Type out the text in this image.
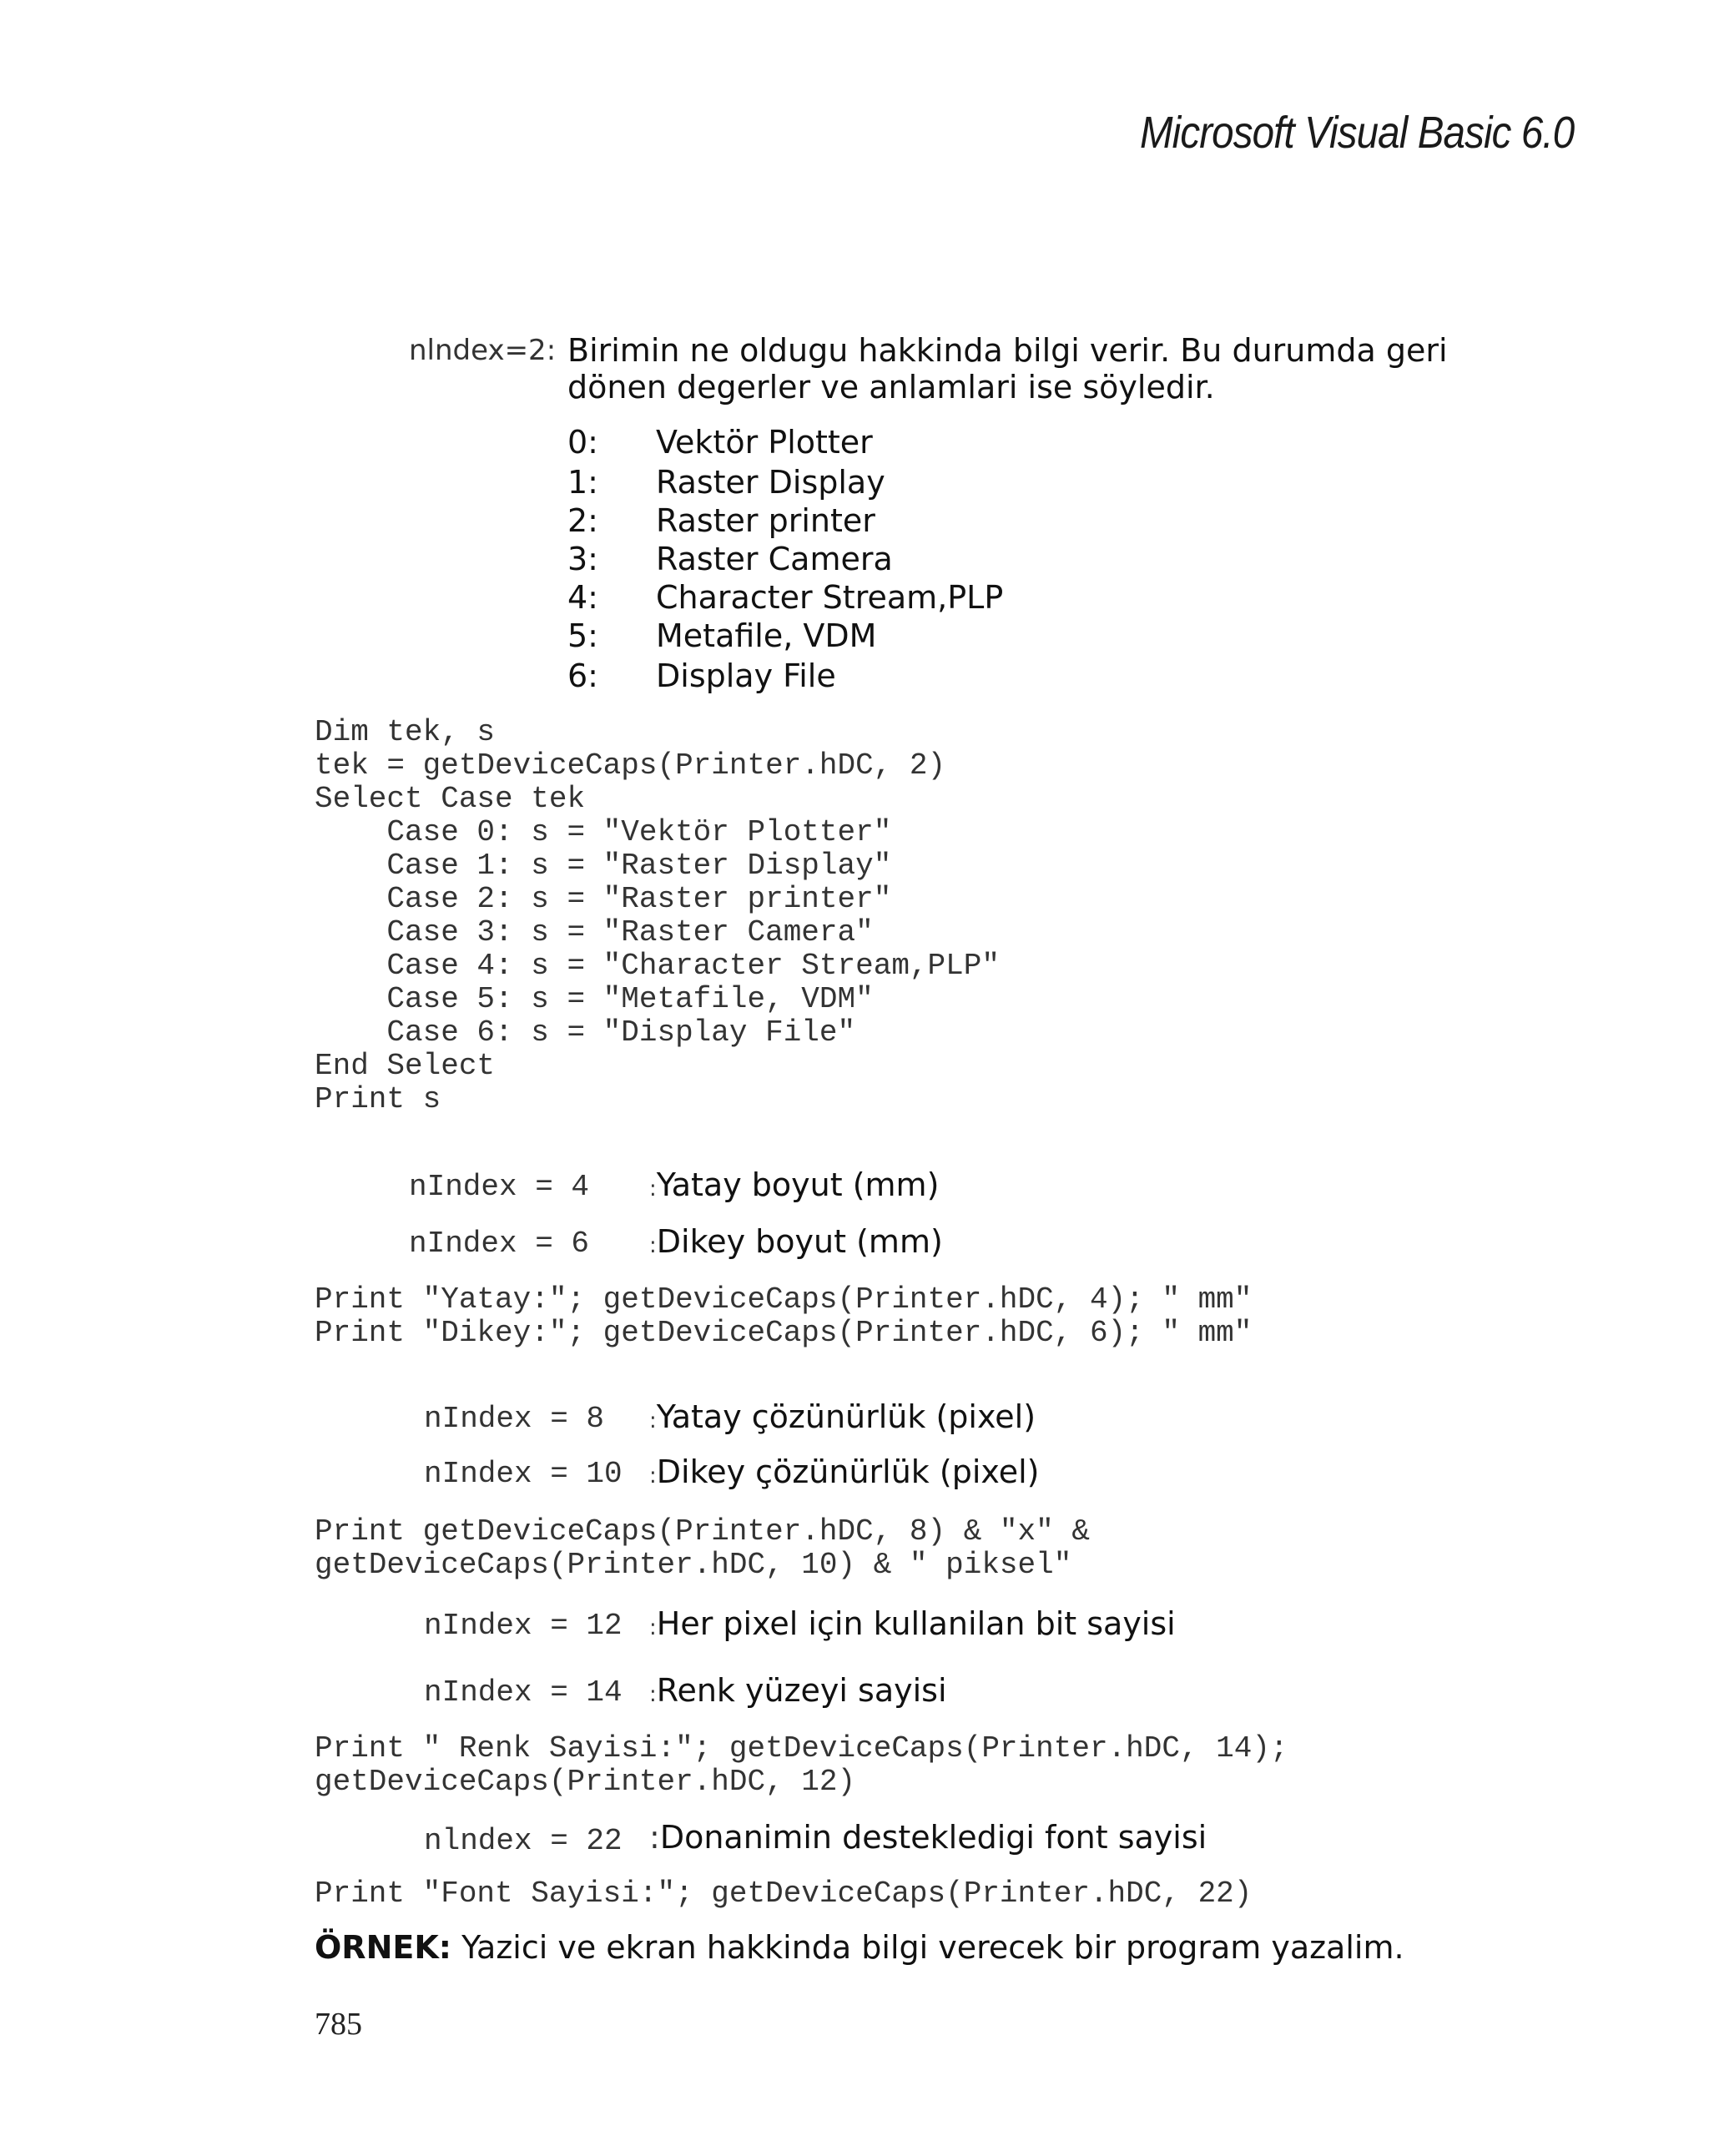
Microsoft Visual Basic 6.0
nlndex=2: Birimin ne oldugu hakkinda bilgi verir. Bu durumda geri dönen degerler ve anlamlari ise söyledir.
0:	Vektör Plotter
1:	Raster Display
2:	Raster printer
3:	Raster Camera
4:	Character Stream,PLP
5:	Metafile, VDM
6:	Display File
Dim tek, s
tek = getDeviceCaps(Printer.hDC, 2)
Select Case tek
Case 0: s = "Vektör Plotter"
Case 1: s = "Raster Display"
Case 2: s = "Raster printer"
Case 3: s = "Raster Camera"
Case 4: s = "Character Stream,PLP"
Case 5: s = "Metafile, VDM"
Case 6: s = "Display File"
End Select
Print s
nIndex = 4	:Yatay boyut (mm)
nIndex = 6	:Dikey boyut (mm)
Print "Yatay:"; getDeviceCaps(Printer.hDC, 4); " mm"
Print "Dikey:"; getDeviceCaps(Printer.hDC, 6); " mm"
nIndex = 8 :Yatay çözünürlük (pixel)
nIndex = 10 :Dikey çözünürlük (pixel)
Print getDeviceCaps(Printer.hDC, 8) & "x" &
getDeviceCaps(Printer.hDC, 10) & " piksel"
nIndex = 12 :Her pixel için kullanilan bit sayisi
nIndex = 14 :Renk yüzeyi sayisi
Print " Renk Sayisi:"; getDeviceCaps(Printer.hDC, 14);
getDeviceCaps(Printer.hDC, 12)
nlndex = 22 :Donanimin destekledigi font sayisi
Print "Font Sayisi:"; getDeviceCaps(Printer.hDC, 22)
ÖRNEK: Yazici ve ekran hakkinda bilgi verecek bir program yazalim.
785
